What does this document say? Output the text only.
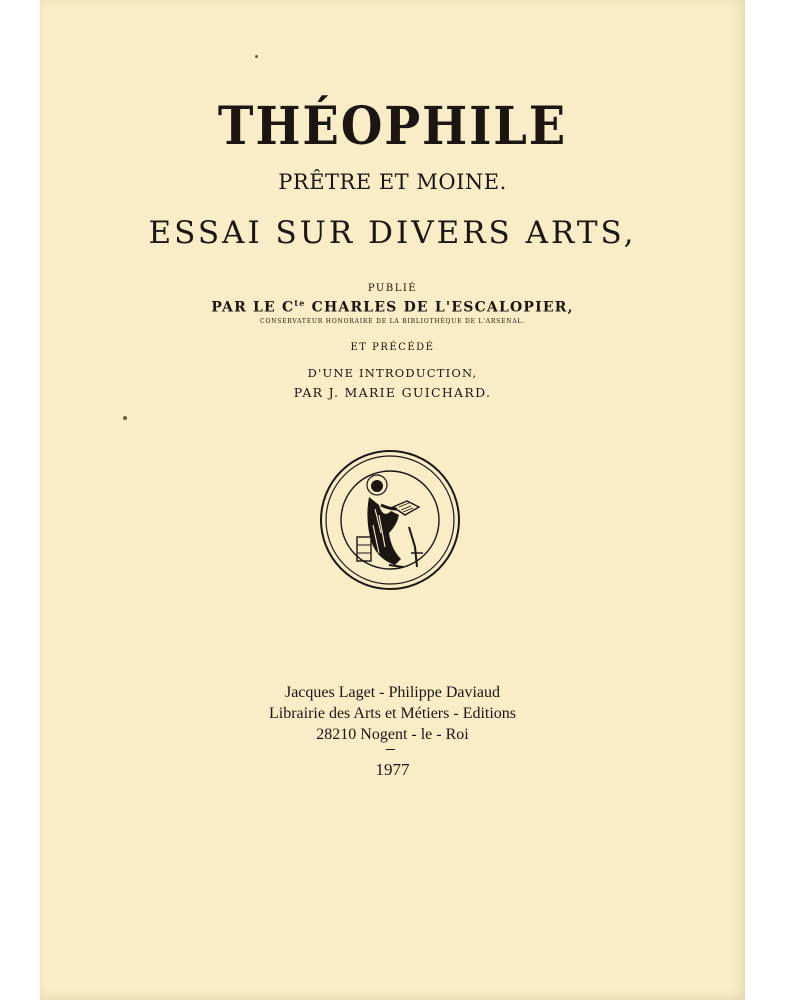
THÉOPHILE
PRÊTRE ET MOINE.
ESSAI SUR DIVERS ARTS,
PUBLIÉ
PAR LE $C^{te}$ CHARLES DE L'ESCALOPIER,
CONSERVATEUR HONORAIRE DE LA BIBLIOTHÈQUE DE L'ARSENAL.
ET PRÉCÉDÉ
D'UNE INTRODUCTION,
PAR J. MARIE GUICHARD.
Jacques Laget - Philippe Daviaud
Librairie des Arts et Métiers - Editions
28210 Nogent - le - Roi
1977
